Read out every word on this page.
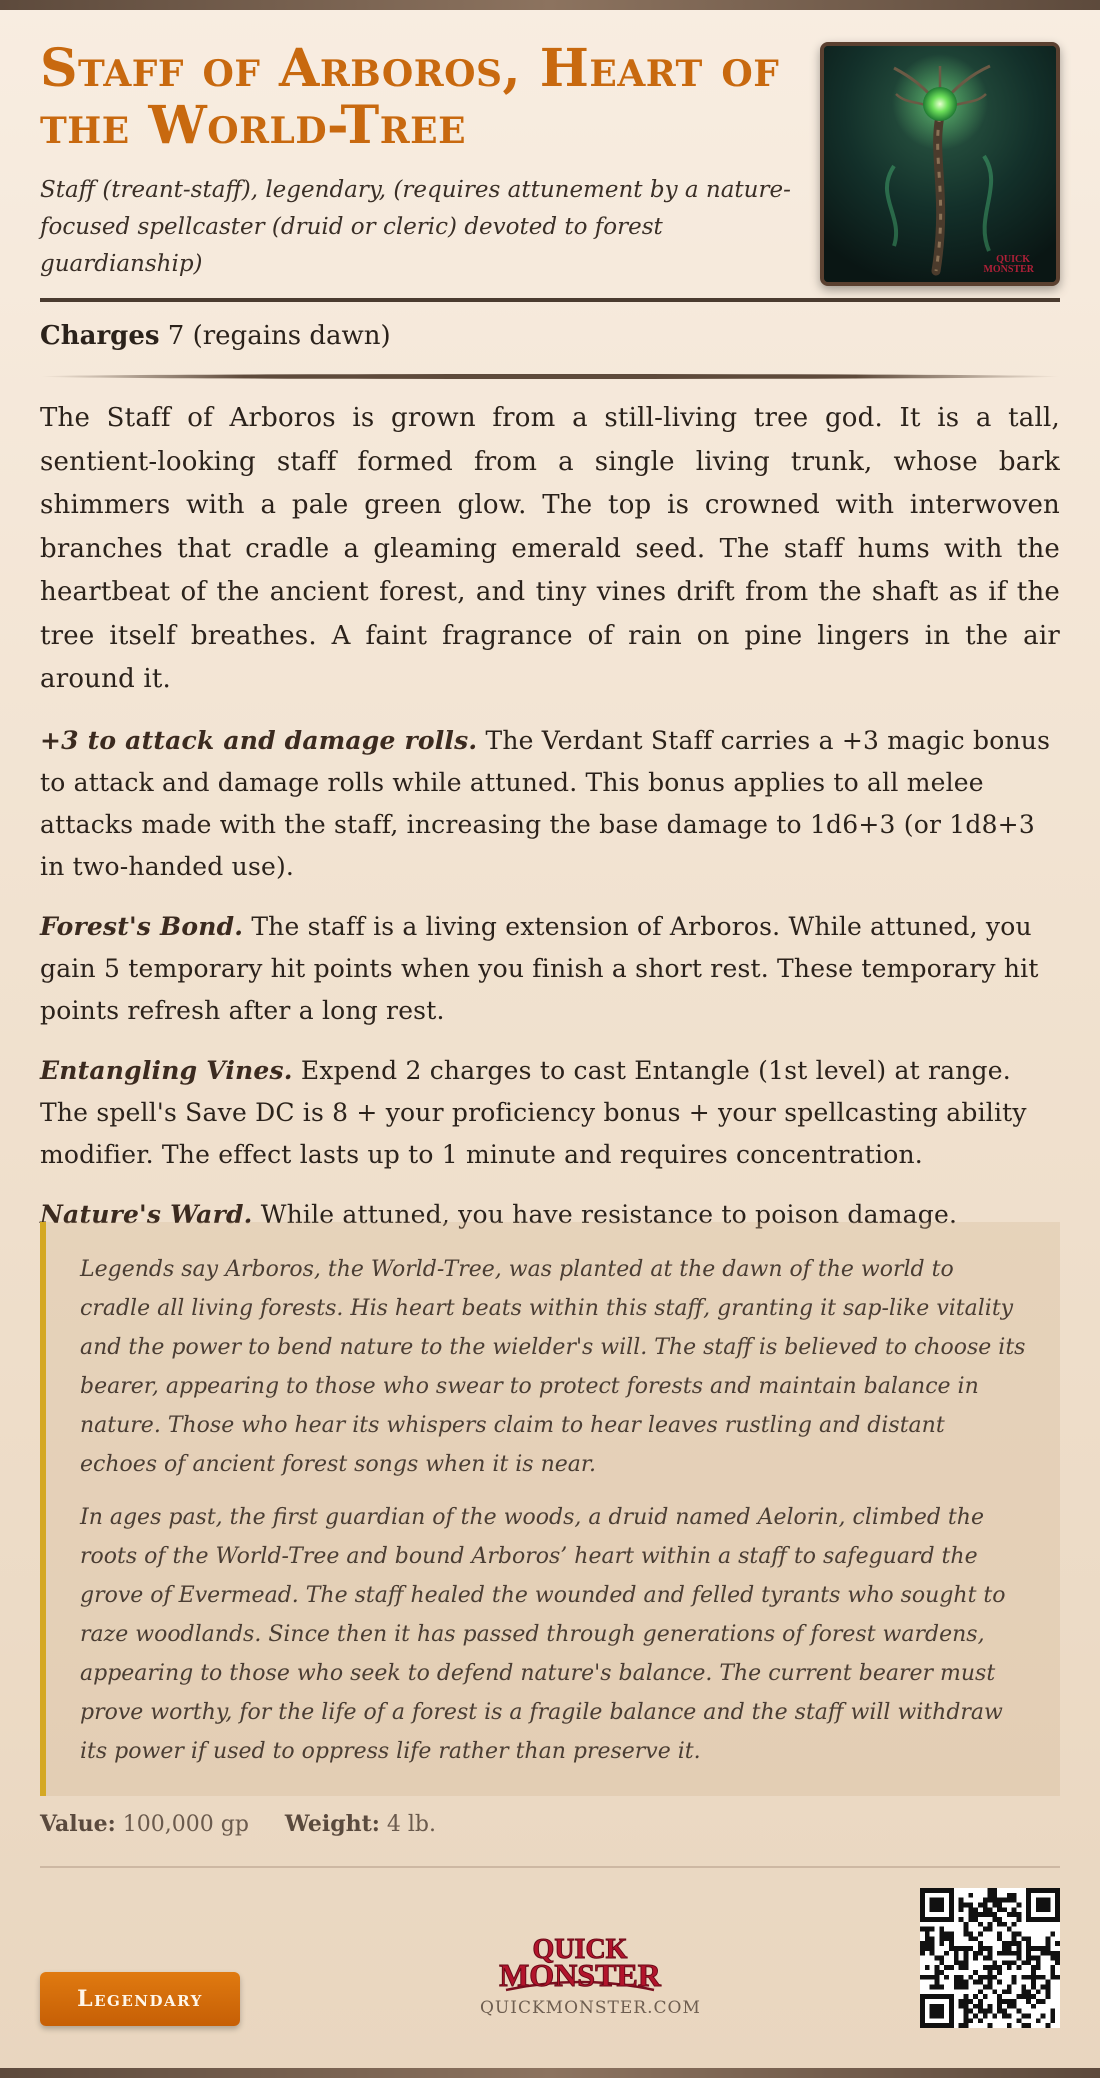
Staff of Arboros, Heart of the World-Tree

Staff (treant-staff), legendary, (requires attunement by a nature-focused spellcaster (druid or cleric) devoted to forest guardianship)	QUICK
MONSTER
Charges 7 (regains dawn)

The Staff of Arboros is grown from a still-living tree god. It is a tall, sentient-looking staff formed from a single living trunk, whose bark shimmers with a pale green glow. The top is crowned with interwoven branches that cradle a gleaming emerald seed. The staff hums with the heartbeat of the ancient forest, and tiny vines drift from the shaft as if the tree itself breathes. A faint fragrance of rain on pine lingers in the air around it.

+3 to attack and damage rolls. The Verdant Staff carries a +3 magic bonus to attack and damage rolls while attuned. This bonus applies to all melee attacks made with the staff, increasing the base damage to 1d6+3 (or 1d8+3 in two-handed use).

Forest's Bond. The staff is a living extension of Arboros. While attuned, you gain 5 temporary hit points when you finish a short rest. These temporary hit points refresh after a long rest.

Entangling Vines. Expend 2 charges to cast Entangle (1st level) at range. The spell's Save DC is 8 + your proficiency bonus + your spellcasting ability modifier. The effect lasts up to 1 minute and requires concentration.

Nature's Ward. While attuned, you have resistance to poison damage.

Legends say Arboros, the World-Tree, was planted at the dawn of the world to cradle all living forests. His heart beats within this staff, granting it sap-like vitality and the power to bend nature to the wielder's will. The staff is believed to choose its bearer, appearing to those who swear to protect forests and maintain balance in nature. Those who hear its whispers claim to hear leaves rustling and distant echoes of ancient forest songs when it is near.

In ages past, the first guardian of the woods, a druid named Aelorin, climbed the roots of the World-Tree and bound Arboros’ heart within a staff to safeguard the grove of Evermead. The staff healed the wounded and felled tyrants who sought to raze woodlands. Since then it has passed through generations of forest wardens, appearing to those who seek to defend nature's balance. The current bearer must prove worthy, for the life of a forest is a fragile balance and the staff will withdraw its power if used to oppress life rather than preserve it.

Value: 100,000 gp Weight: 4 lb.
Legendary
QUICK
MONSTER
QUICKMONSTER.COM
